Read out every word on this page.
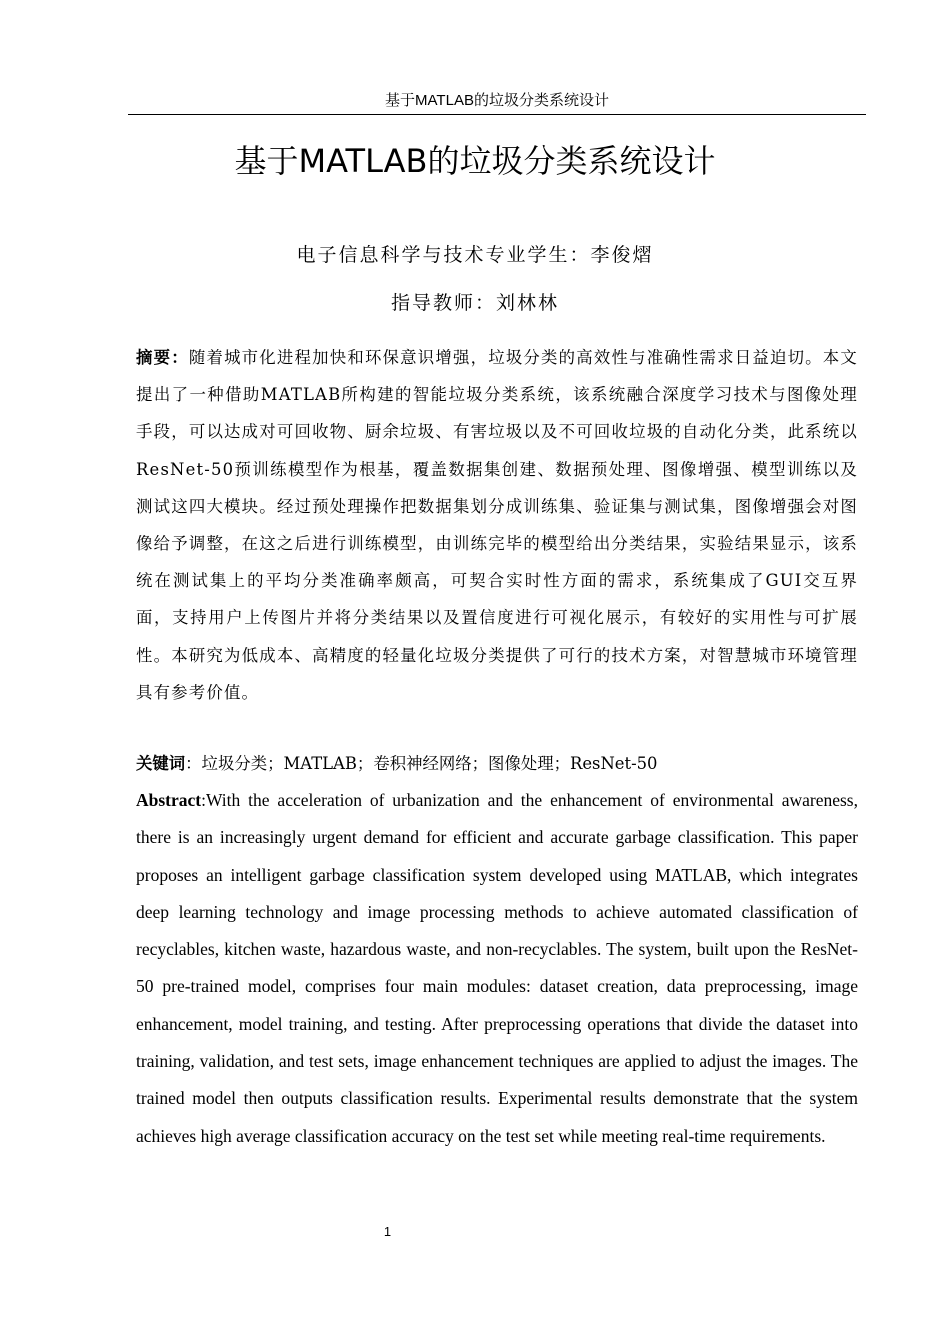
基于MATLAB的垃圾分类系统设计
基于MATLAB的垃圾分类系统设计
电子信息科学与技术专业学生：李俊熠
指导教师：刘林林

摘要：随着城市化进程加快和环保意识增强，垃圾分类的高效性与准确性需求日益迫切。本文提出了一种借助MATLAB所构建的智能垃圾分类系统，该系统融合深度学习技术与图像处理手段，可以达成对可回收物、厨余垃圾、有害垃圾以及不可回收垃圾的自动化分类，此系统以ResNet-50预训练模型作为根基，覆盖数据集创建、数据预处理、图像增强、模型训练以及测试这四大模块。经过预处理操作把数据集划分成训练集、验证集与测试集，图像增强会对图像给予调整，在这之后进行训练模型，由训练完毕的模型给出分类结果，实验结果显示，该系统在测试集上的平均分类准确率颇高，可契合实时性方面的需求，系统集成了GUI交互界面，支持用户上传图片并将分类结果以及置信度进行可视化展示，有较好的实用性与可扩展性。本研究为低成本、高精度的轻量化垃圾分类提供了可行的技术方案，对智慧城市环境管理具有参考价值。

关键词：垃圾分类；MATLAB；卷积神经网络；图像处理；ResNet-50

Abstract:With the acceleration of urbanization and the enhancement of environmental awareness, there is an increasingly urgent demand for efficient and accurate garbage classification. This paper proposes an intelligent garbage classification system developed using MATLAB, which integrates deep learning technology and image processing methods to achieve automated classification of recyclables, kitchen waste, hazardous waste, and non-recyclables. The system, built upon the ResNet-50 pre-trained model, comprises four main modules: dataset creation, data preprocessing, image enhancement, model training, and testing. After preprocessing operations that divide the dataset into training, validation, and test sets, image enhancement techniques are applied to adjust the images. The trained model then outputs classification results. Experimental results demonstrate that the system achieves high average classification accuracy on the test set while meeting real-time requirements.

1
